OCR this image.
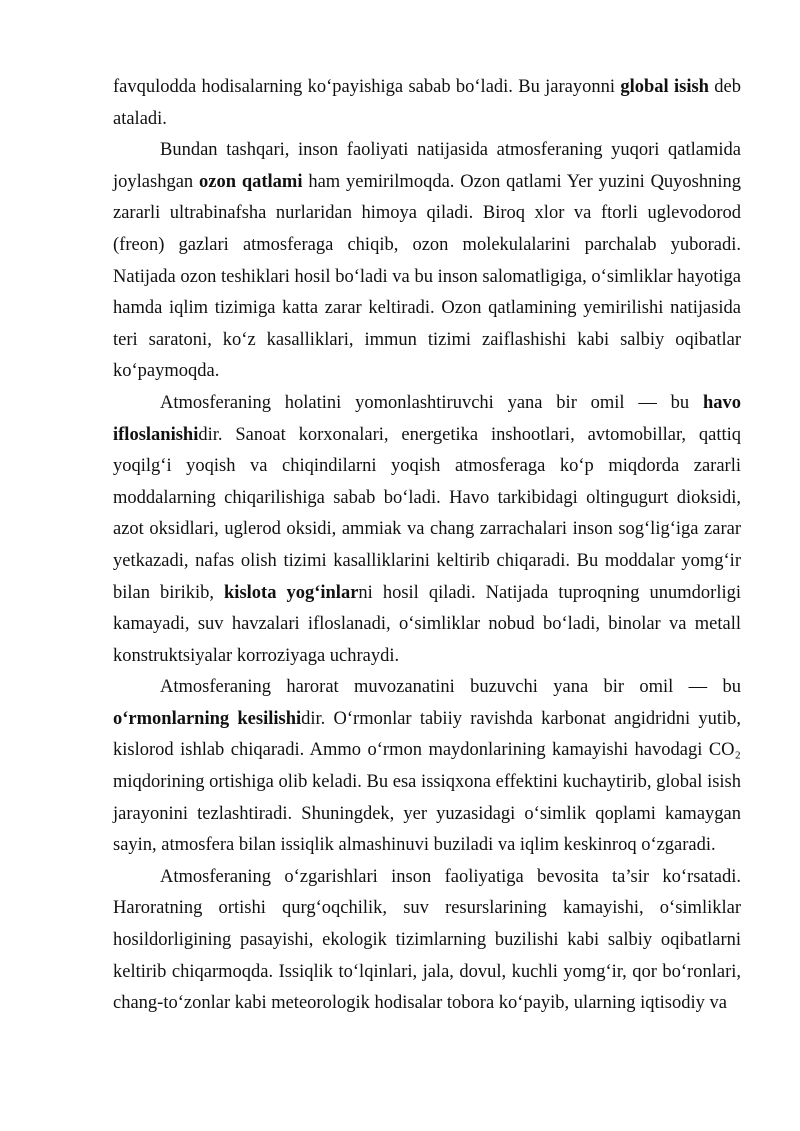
favqulodda hodisalarning ko‘payishiga sabab bo‘ladi. Bu jarayonni global isish deb ataladi.

Bundan tashqari, inson faoliyati natijasida atmosferaning yuqori qatlamida joylashgan ozon qatlami ham yemirilmoqda. Ozon qatlami Yer yuzini Quyoshning zararli ultrabinafsha nurlaridan himoya qiladi. Biroq xlor va ftorli uglevodorod (freon) gazlari atmosferaga chiqib, ozon molekulalarini parchalab yuboradi. Natijada ozon teshiklari hosil bo‘ladi va bu inson salomatligiga, o‘simliklar hayotiga hamda iqlim tizimiga katta zarar keltiradi. Ozon qatlamining yemirilishi natijasida teri saratoni, ko‘z kasalliklari, immun tizimi zaiflashishi kabi salbiy oqibatlar ko‘paymoqda.

Atmosferaning holatini yomonlashtiruvchi yana bir omil — bu havo ifloslanishidir. Sanoat korxonalari, energetika inshootlari, avtomobillar, qattiq yoqilg‘i yoqish va chiqindilarni yoqish atmosferaga ko‘p miqdorda zararli moddalarning chiqarilishiga sabab bo‘ladi. Havo tarkibidagi oltingugurt dioksidi, azot oksidlari, uglerod oksidi, ammiak va chang zarrachalari inson sog‘lig‘iga zarar yetkazadi, nafas olish tizimi kasalliklarini keltirib chiqaradi. Bu moddalar yomg‘ir bilan birikib, kislota yog‘inlarni hosil qiladi. Natijada tuproqning unumdorligi kamayadi, suv havzalari ifloslanadi, o‘simliklar nobud bo‘ladi, binolar va metall konstruktsiyalar korroziyaga uchraydi.

Atmosferaning harorat muvozanatini buzuvchi yana bir omil — bu o‘rmonlarning kesilishidir. O‘rmonlar tabiiy ravishda karbonat angidridni yutib, kislorod ishlab chiqaradi. Ammo o‘rmon maydonlarining kamayishi havodagi CO₂ miqdorining ortishiga olib keladi. Bu esa issiqxona effektini kuchaytirib, global isish jarayonini tezlashtiradi. Shuningdek, yer yuzasidagi o‘simlik qoplami kamaygan sayin, atmosfera bilan issiqlik almashinuvi buziladi va iqlim keskinroq o‘zgaradi.

Atmosferaning o‘zgarishlari inson faoliyatiga bevosita ta’sir ko‘rsatadi. Haroratning ortishi qurg‘oqchilik, suv resurslarining kamayishi, o‘simliklar hosildorligining pasayishi, ekologik tizimlarning buzilishi kabi salbiy oqibatlarni keltirib chiqarmoqda. Issiqlik to‘lqinlari, jala, dovul, kuchli yomg‘ir, qor bo‘ronlari, chang-to‘zonlar kabi meteorologik hodisalar tobora ko‘payib, ularning iqtisodiy va
